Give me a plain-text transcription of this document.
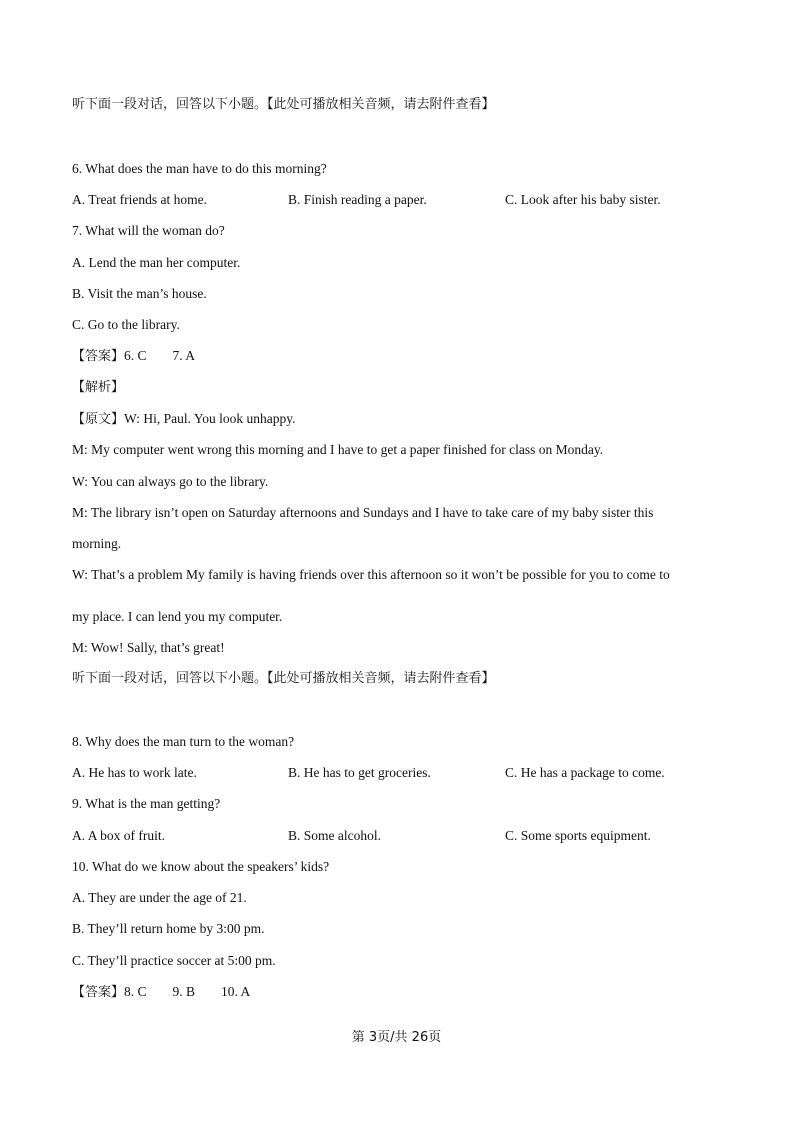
听下面一段对话，回答以下小题。【此处可播放相关音频，请去附件查看】
6. What does the man have to do this morning?
A. Treat friends at home.	B. Finish reading a paper.	C. Look after his baby sister.
7. What will the woman do?
A. Lend the man her computer.
B. Visit the man’s house.
C. Go to the library.
【答案】6. C 7. A
【解析】
【原文】W: Hi, Paul. You look unhappy.
M: My computer went wrong this morning and I have to get a paper finished for class on Monday.
W: You can always go to the library.
M: The library isn’t open on Saturday afternoons and Sundays and I have to take care of my baby sister this
morning.
W: That’s a problem My family is having friends over this afternoon so it won’t be possible for you to come to
my place. I can lend you my computer.
M: Wow! Sally, that’s great!
听下面一段对话，回答以下小题。【此处可播放相关音频，请去附件查看】
8. Why does the man turn to the woman?
A. He has to work late.	B. He has to get groceries.	C. He has a package to come.
9. What is the man getting?
A. A box of fruit.	B. Some alcohol.	C. Some sports equipment.
10. What do we know about the speakers’ kids?
A. They are under the age of 21.
B. They’ll return home by 3:00 pm.
C. They’ll practice soccer at 5:00 pm.
【答案】8. C 9. B 10. A
第 3页/共 26页
